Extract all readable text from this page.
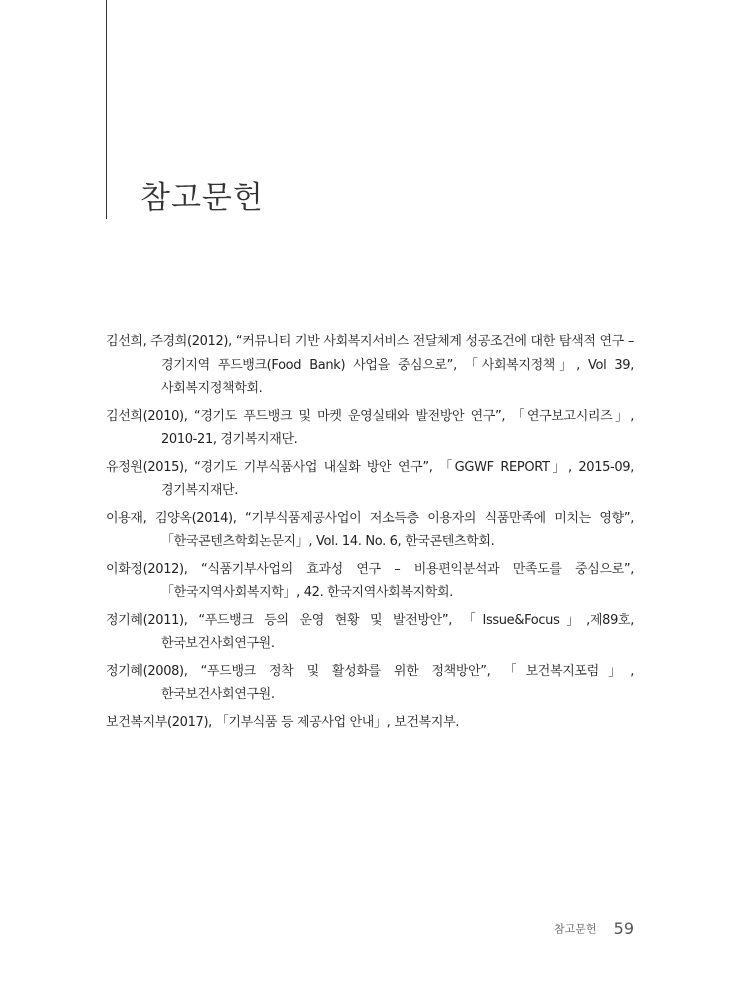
참고문헌
김선희, 주경희(2012), “커뮤니티 기반 사회복지서비스 전달체계 성공조건에 대한 탐색적 연구 – 경기지역 푸드뱅크(Food Bank) 사업을 중심으로”, 「사회복지정책」, Vol 39, 사회복지정책학회.
김선희(2010), “경기도 푸드뱅크 및 마켓 운영실태와 발전방안 연구”, 「연구보고시리즈」, 2010-21, 경기복지재단.
유정원(2015), “경기도 기부식품사업 내실화 방안 연구”, 「GGWF REPORT」, 2015-09, 경기복지재단.
이용재, 김양옥(2014), “기부식품제공사업이 저소득층 이용자의 식품만족에 미치는 영향”, 「한국콘텐츠학회논문지」, Vol. 14. No. 6, 한국콘텐츠학회.
이화정(2012), “식품기부사업의 효과성 연구 – 비용편익분석과 만족도를 중심으로”, 「한국지역사회복지학」, 42. 한국지역사회복지학회.
정기혜(2011), “푸드뱅크 등의 운영 현황 및 발전방안”, 「Issue&Focus」,제89호, 한국보건사회연구원.
정기혜(2008), “푸드뱅크 정착 및 활성화를 위한 정책방안”, 「보건복지포럼」, 한국보건사회연구원.
보건복지부(2017), 「기부식품 등 제공사업 안내」, 보건복지부.
참고문헌 59
